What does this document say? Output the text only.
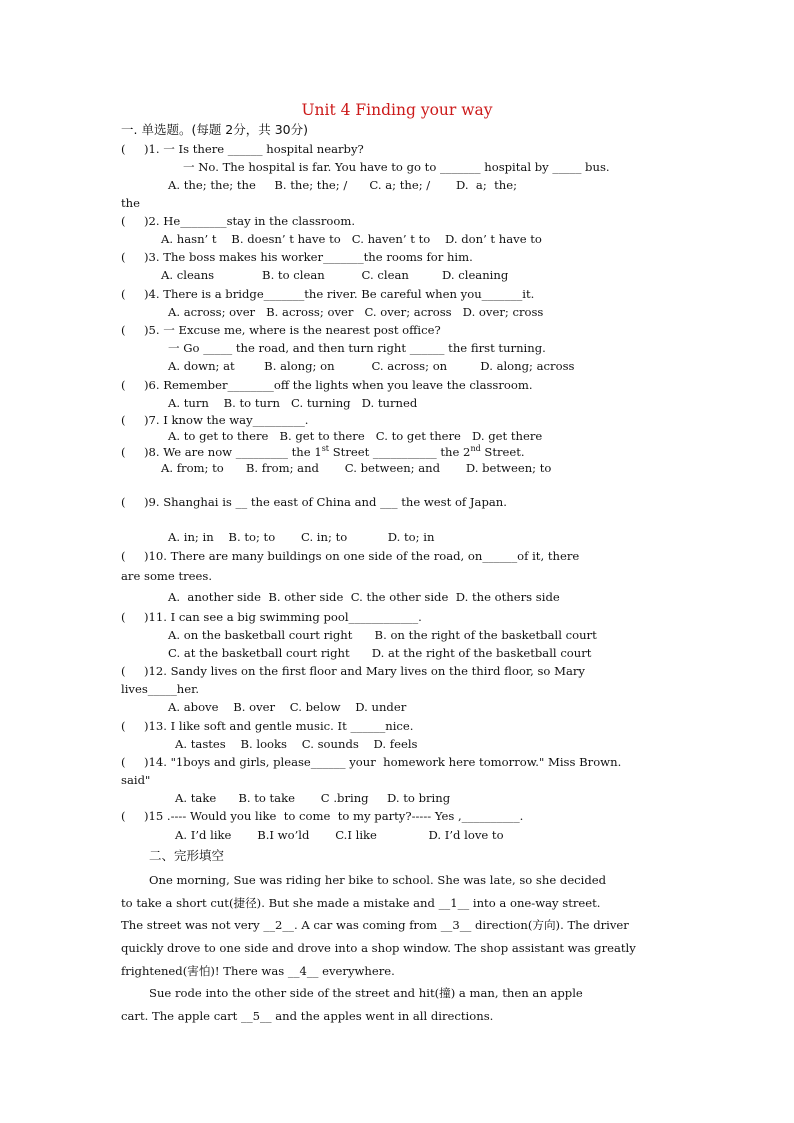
Unit 4 Finding your way
一. 单选题。(每题 2分，共 30分)
(     )1. 一 Is there ______ hospital nearby?
一 No. The hospital is far. You have to go to _______ hospital by _____ bus.
A. the; the; the     B. the; the; /      C. a; the; /       D.  a;  the;
the
(     )2. He________stay in the classroom.
A. hasn’ t    B. doesn’ t have to   C. haven’ t to    D. don’ t have to
(     )3. The boss makes his worker_______the rooms for him.
A. cleans             B. to clean          C. clean         D. cleaning
(     )4. There is a bridge_______the river. Be careful when you_______it.
A. across; over   B. across; over   C. over; across   D. over; cross
(     )5. 一 Excuse me, where is the nearest post office?
一 Go _____ the road, and then turn right ______ the first turning.
A. down; at        B. along; on          C. across; on         D. along; across
(     )6. Remember________off the lights when you leave the classroom.
A. turn    B. to turn   C. turning   D. turned
(     )7. I know the way_________.
A. to get to there   B. get to there   C. to get there   D. get there
(     )8. We are now _________ the 1st Street ___________ the 2nd Street.
A. from; to      B. from; and       C. between; and       D. between; to
(     )9. Shanghai is __ the east of China and ___ the west of Japan.
A. in; in    B. to; to       C. in; to           D. to; in
(     )10. There are many buildings on one side of the road, on______of it, there
are some trees.
A.  another side  B. other side  C. the other side  D. the others side
(     )11. I can see a big swimming pool____________.
A. on the basketball court right      B. on the right of the basketball court
C. at the basketball court right      D. at the right of the basketball court
(     )12. Sandy lives on the first floor and Mary lives on the third floor, so Mary
lives_____her.
A. above    B. over    C. below    D. under
(     )13. I like soft and gentle music. It ______nice.
A. tastes    B. looks    C. sounds    D. feels
(     )14. "1boys and girls, please______ your  homework here tomorrow." Miss Brown.
said"
A. take      B. to take       C .bring     D. to bring
(     )15 .---- Would you like  to come  to my party?----- Yes ,__________.
A. I’d like       B.I wo’ld       C.I like              D. I’d love to
二、完形填空
One morning, Sue was riding her bike to school. She was late, so she decided
to take a short cut(捷径). But she made a mistake and __1__ into a one-way street.
The street was not very __2__. A car was coming from __3__ direction(方向). The driver
quickly drove to one side and drove into a shop window. The shop assistant was greatly
frightened(害怕)! There was __4__ everywhere.
Sue rode into the other side of the street and hit(撞) a man, then an apple
cart. The apple cart __5__ and the apples went in all directions.
